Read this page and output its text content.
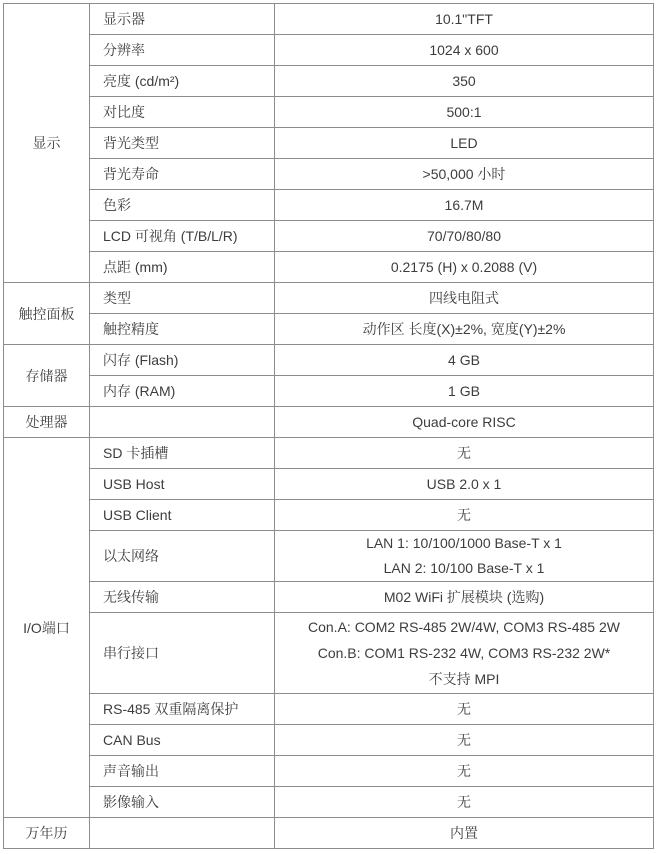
显示	显示器	10.1"TFT
	分辨率	1024 x 600
	亮度 (cd/m²)	350
	对比度	500:1
	背光类型	LED
	背光寿命	>50,000 小时
	色彩	16.7M
	LCD 可视角 (T/B/L/R)	70/70/80/80
	点距 (mm)	0.2175 (H) x 0.2088 (V)
触控面板	类型	四线电阻式
	触控精度	动作区 长度(X)±2%, 宽度(Y)±2%
存储器	闪存 (Flash)	4 GB
	内存 (RAM)	1 GB
处理器		Quad-core RISC
I/O端口	SD 卡插槽	无
	USB Host	USB 2.0 x 1
	USB Client	无
	以太网络	LAN 1: 10/100/1000 Base-T x 1
LAN 2: 10/100 Base-T x 1

	无线传输	M02 WiFi 扩展模块 (选购)
	串行接口	Con.A: COM2 RS-485 2W/4W, COM3 RS-485 2W
Con.B: COM1 RS-232 4W, COM3 RS-232 2W*
不支持 MPI

	RS-485 双重隔离保护	无
	CAN Bus	无
	声音输出	无
	影像输入	无
万年历		内置
